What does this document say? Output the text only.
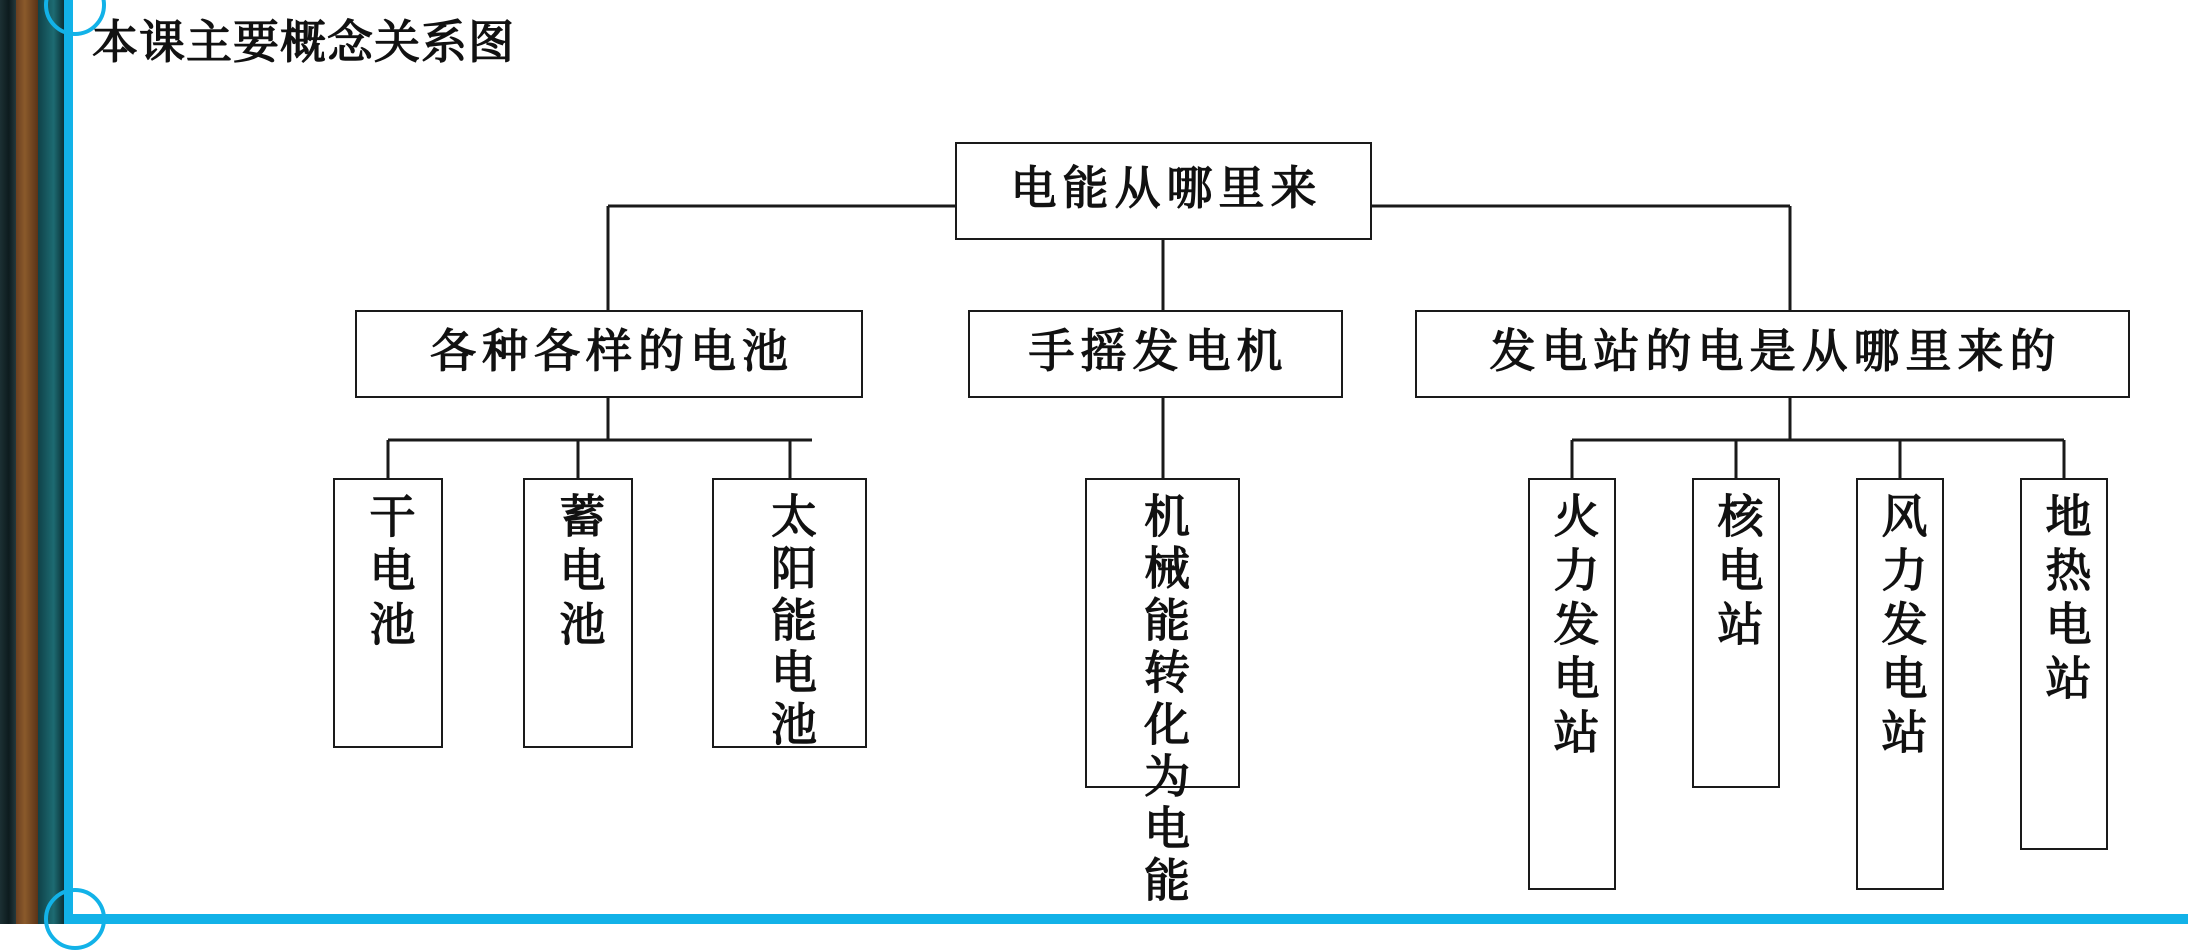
本课主要概念关系图
电能从哪里来
各种各样的电池	手摇发电机	发电站的电是从哪里来的
干电池	蓄电池	太阳能电池	机械能转化为电能	火力发电站	核电站	风力发电站	地热电站
